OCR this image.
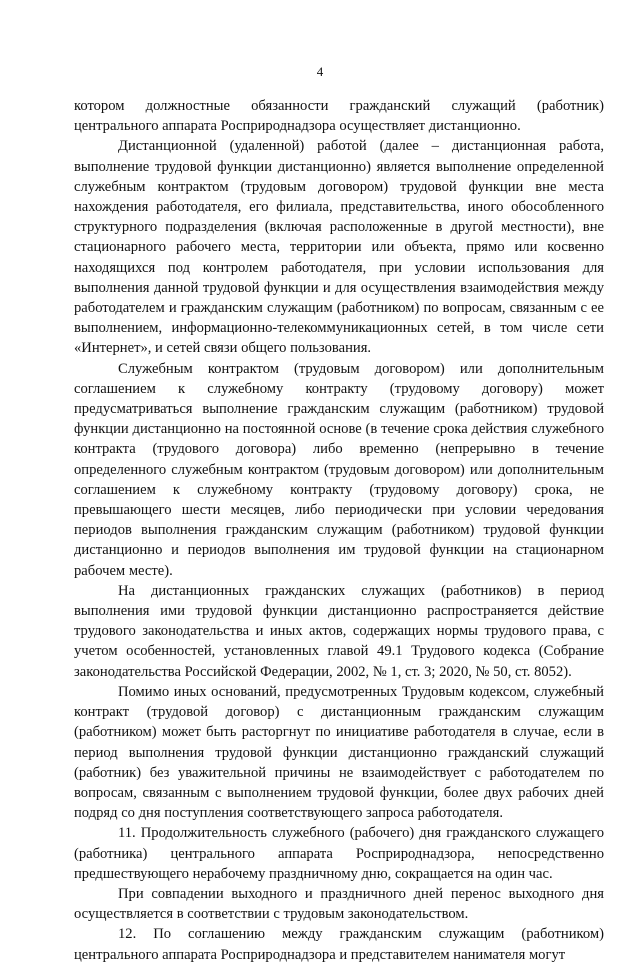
4

котором должностные обязанности гражданский служащий (работник) центрального аппарата Росприроднадзора осуществляет дистанционно.

Дистанционной (удаленной) работой (далее – дистанционная работа, выполнение трудовой функции дистанционно) является выполнение определенной служебным контрактом (трудовым договором) трудовой функции вне места нахождения работодателя, его филиала, представительства, иного обособленного структурного подразделения (включая расположенные в другой местности), вне стационарного рабочего места, территории или объекта, прямо или косвенно находящихся под контролем работодателя, при условии использования для выполнения данной трудовой функции и для осуществления взаимодействия между работодателем и гражданским служащим (работником) по вопросам, связанным с ее выполнением, информационно-телекоммуникационных сетей, в том числе сети «Интернет», и сетей связи общего пользования.

Служебным контрактом (трудовым договором) или дополнительным соглашением к служебному контракту (трудовому договору) может предусматриваться выполнение гражданским служащим (работником) трудовой функции дистанционно на постоянной основе (в течение срока действия служебного контракта (трудового договора) либо временно (непрерывно в течение определенного служебным контрактом (трудовым договором) или дополнительным соглашением к служебному контракту (трудовому договору) срока, не превышающего шести месяцев, либо периодически при условии чередования периодов выполнения гражданским служащим (работником) трудовой функции дистанционно и периодов выполнения им трудовой функции на стационарном рабочем месте).

На дистанционных гражданских служащих (работников) в период выполнения ими трудовой функции дистанционно распространяется действие трудового законодательства и иных актов, содержащих нормы трудового права, с учетом особенностей, установленных главой 49.1 Трудового кодекса (Собрание законодательства Российской Федерации, 2002, № 1, ст. 3; 2020, № 50, ст. 8052).

Помимо иных оснований, предусмотренных Трудовым кодексом, служебный контракт (трудовой договор) с дистанционным гражданским служащим (работником) может быть расторгнут по инициативе работодателя в случае, если в период выполнения трудовой функции дистанционно гражданский служащий (работник) без уважительной причины не взаимодействует с работодателем по вопросам, связанным с выполнением трудовой функции, более двух рабочих дней подряд со дня поступления соответствующего запроса работодателя.

11. Продолжительность служебного (рабочего) дня гражданского служащего (работника) центрального аппарата Росприроднадзора, непосредственно предшествующего нерабочему праздничному дню, сокращается на один час.

При совпадении выходного и праздничного дней перенос выходного дня осуществляется в соответствии с трудовым законодательством.

12. По соглашению между гражданским служащим (работником) центрального аппарата Росприроднадзора и представителем нанимателя могут
